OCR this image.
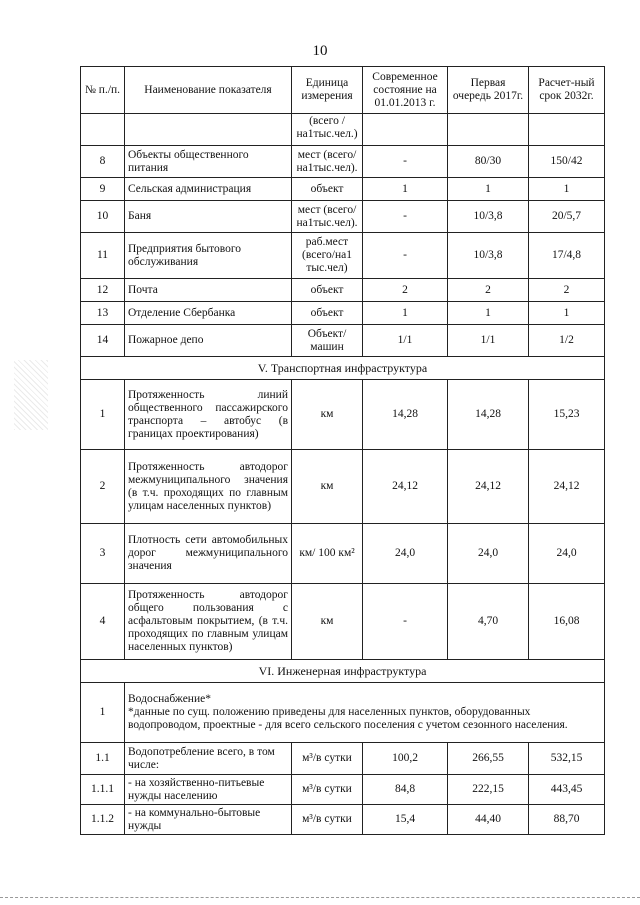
10
№ п./п.	Наименование показателя	Единица измерения	Современное состояние на 01.01.2013 г.	Первая очередь 2017г.	Расчет-ный срок 2032г.
		(всего /на1тыс.чел.)			
8	Объекты общественного питания	мест (всего/ на1тыс.чел).	-	80/30	150/42
9	Сельская администрация	объект	1	1	1
10	Баня	мест (всего/ на1тыс.чел).	-	10/3,8	20/5,7
11	Предприятия бытового обслуживания	раб.мест (всего/на1 тыс.чел)	-	10/3,8	17/4,8
12	Почта	объект	2	2	2
13	Отделение Сбербанка	объект	1	1	1
14	Пожарное депо	Объект/ машин	1/1	1/1	1/2
V. Транспортная инфраструктура					
1	Протяженность линий общественного пассажирского транспорта – автобус (в границах проектирования)	км	14,28	14,28	15,23
2	Протяженность автодорог межмуниципального значения (в т.ч. проходящих по главным улицам населенных пунктов)	км	24,12	24,12	24,12
3	Плотность сети автомобильных дорог межмуниципального значения	км/ 100 км²	24,0	24,0	24,0
4	Протяженность автодорог общего пользования с асфальтовым покрытием, (в т.ч. проходящих по главным улицам населенных пунктов)	км	-	4,70	16,08
VI. Инженерная инфраструктура					
1	Водоснабжение*
*данные по сущ. положению приведены для населенных пунктов, оборудованных водопроводом, проектные - для всего сельского поселения с учетом сезонного населения.				

1.1	Водопотребление всего, в том числе:	м³/в сутки	100,2	266,55	532,15
1.1.1	- на хозяйственно-питьевые нужды населению	м³/в сутки	84,8	222,15	443,45
1.1.2	- на коммунально-бытовые нужды	м³/в сутки	15,4	44,40	88,70
